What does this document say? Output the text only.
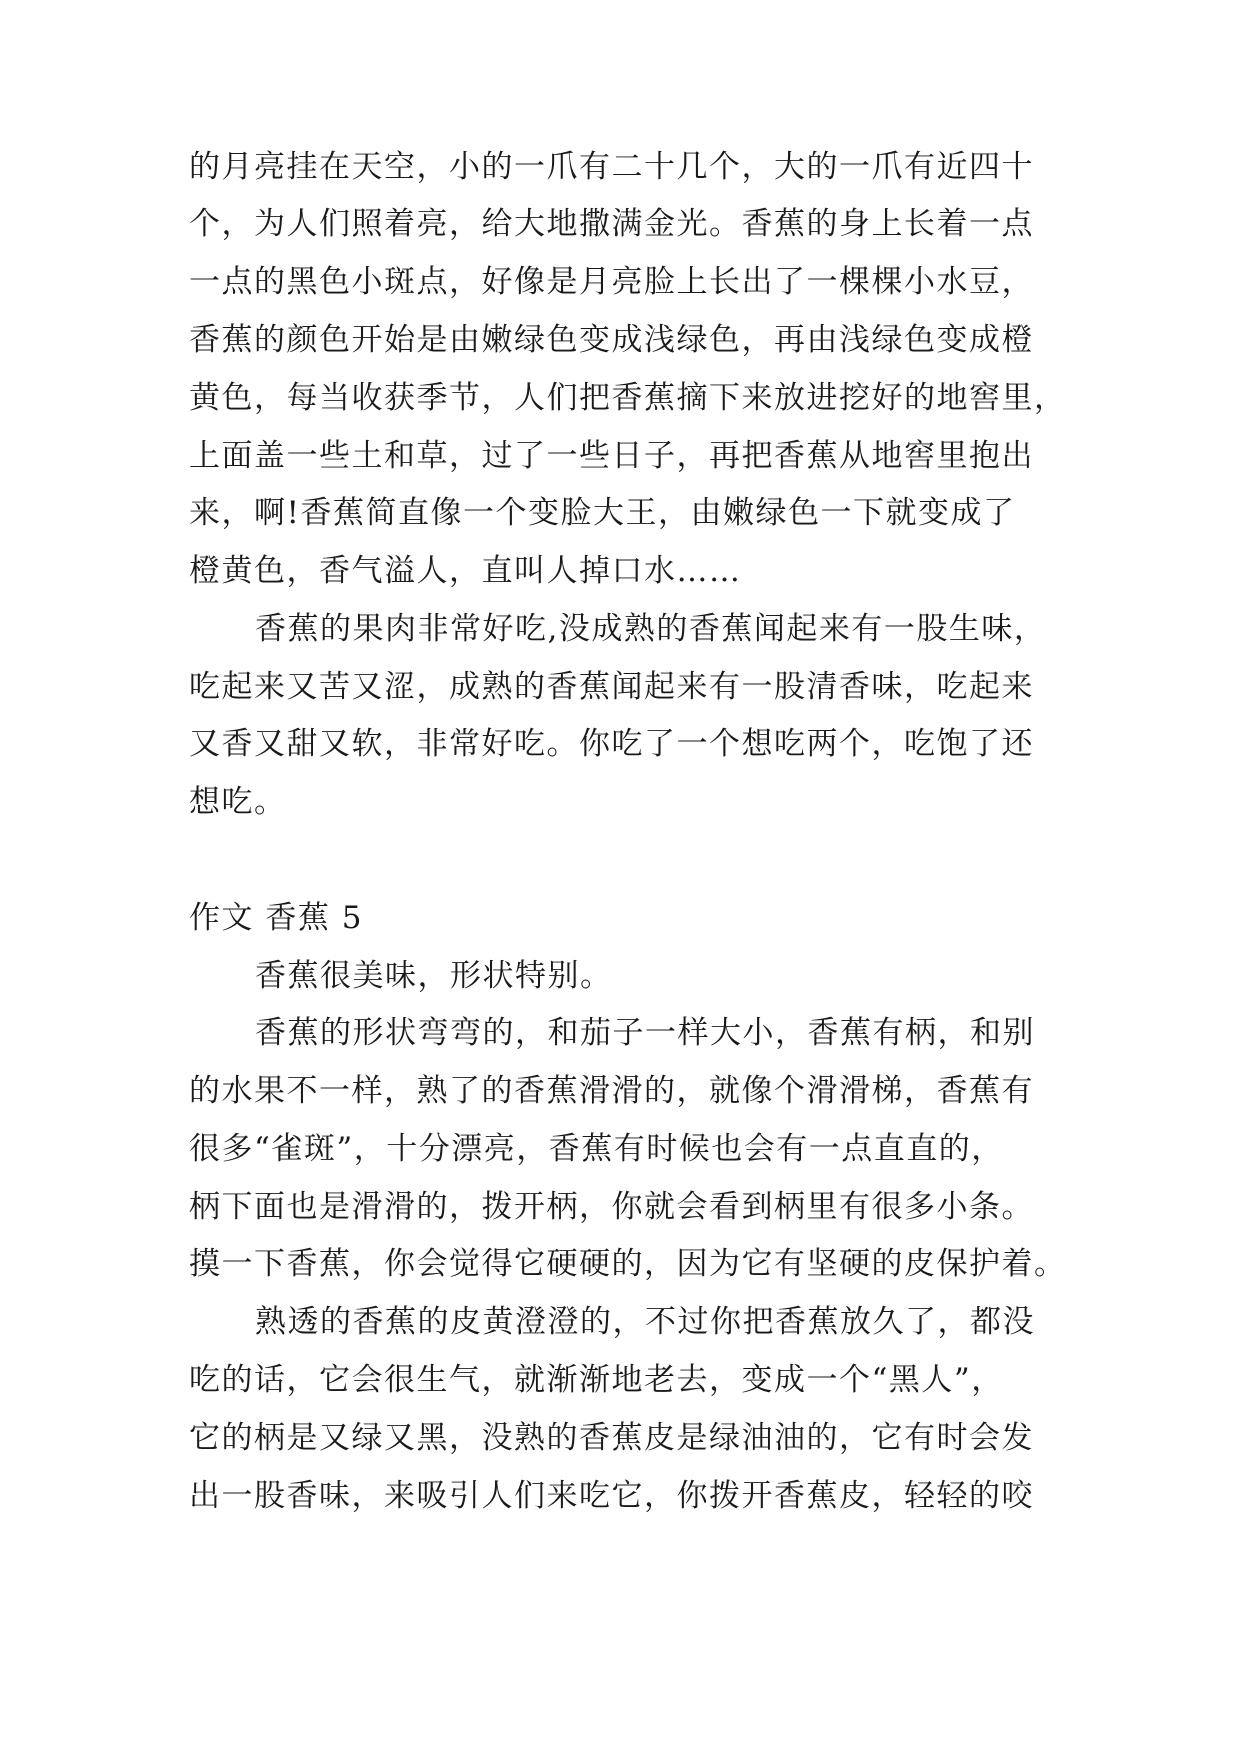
的月亮挂在天空，小的一爪有二十几个，大的一爪有近四十
个，为人们照着亮，给大地撒满金光。香蕉的身上长着一点
一点的黑色小斑点，好像是月亮脸上长出了一棵棵小水豆，
香蕉的颜色开始是由嫩绿色变成浅绿色，再由浅绿色变成橙
黄色，每当收获季节，人们把香蕉摘下来放进挖好的地窖里，
上面盖一些土和草，过了一些日子，再把香蕉从地窖里抱出
来，啊!香蕉简直像一个变脸大王，由嫩绿色一下就变成了
橙黄色，香气溢人，直叫人掉口水……
香蕉的果肉非常好吃,没成熟的香蕉闻起来有一股生味，
吃起来又苦又涩，成熟的香蕉闻起来有一股清香味，吃起来
又香又甜又软，非常好吃。你吃了一个想吃两个，吃饱了还
想吃。
作文 香蕉 5
香蕉很美味，形状特别。
香蕉的形状弯弯的，和茄子一样大小，香蕉有柄，和别
的水果不一样，熟了的香蕉滑滑的，就像个滑滑梯，香蕉有
很多“雀斑”，十分漂亮，香蕉有时候也会有一点直直的，
柄下面也是滑滑的，拨开柄，你就会看到柄里有很多小条。
摸一下香蕉，你会觉得它硬硬的，因为它有坚硬的皮保护着。
熟透的香蕉的皮黄澄澄的，不过你把香蕉放久了，都没
吃的话，它会很生气，就渐渐地老去，变成一个“黑人”，
它的柄是又绿又黑，没熟的香蕉皮是绿油油的，它有时会发
出一股香味，来吸引人们来吃它，你拨开香蕉皮，轻轻的咬
